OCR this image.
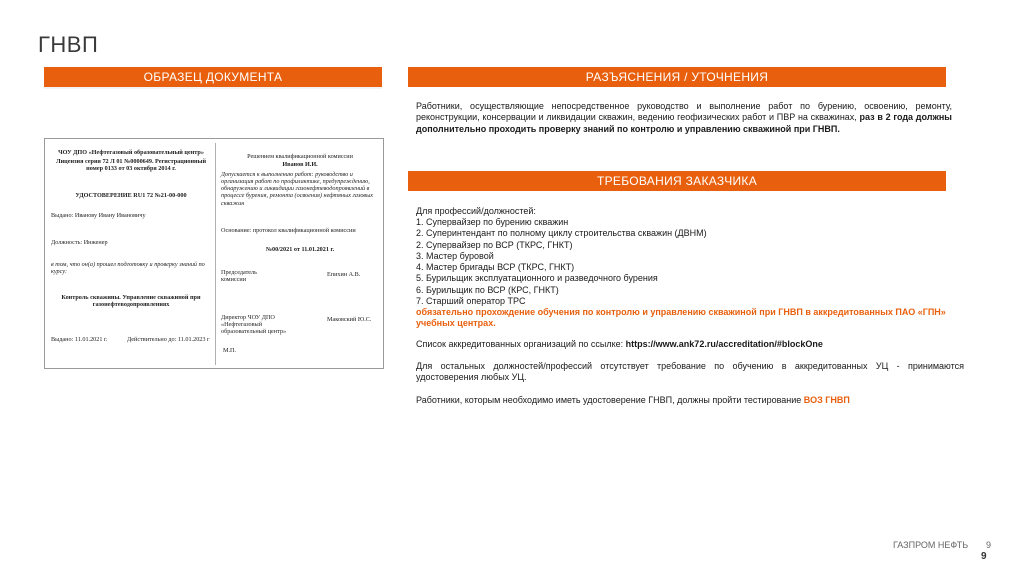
ГНВП
ОБРАЗЕЦ ДОКУМЕНТА	РАЗЪЯСНЕНИЯ / УТОЧНЕНИЯ
ТРЕБОВАНИЯ ЗАКАЗЧИКА
ЧОУ ДПО «Нефтегазовый образовательный центр»
Лицензия серия 72 Л 01 №0000649. Регистрационный номер 0133 от 03 октября 2014 г.
УДОСТОВЕРЕНИЕ RU1 72 №21-00-000
Выдано: Иванову Ивану Ивановичу
Должность: Инженер
в том, что он(а) прошел подготовку и проверку знаний по курсу:
Контроль скважины. Управление скважиной при газонефтеводопроявлениях
Выдано: 11.01.2021 г.	Действительно до: 11.01.2023 г
Решением квалификационной комиссии
Иванов И.И.
Допускается к выполнению работ: руководство и организация работ по профилактике, предупреждению, обнаружению и ликвидации газонефтеводопроявлений в процессе бурения, ремонта (освоения) нефтяных газовых скважин
Основание: протокол квалификационной комиссии
№00/2021 от 11.01.2021 г.
Председатель комиссии
Епихин А.В.
Директор ЧОУ ДПО «Нефтегазовый образовательный центр»
Маковский Ю.С.
М.П.
Работники, осуществляющие непосредственное руководство и выполнение работ по бурению, освоению, ремонту, реконструкции, консервации и ликвидации скважин, ведению геофизических работ и ПВР на скважинах, раз в 2 года должны дополнительно проходить проверку знаний по контролю и управлению скважиной при ГНВП.
Для профессий/должностей:
1. Супервайзер по бурению скважин
2. Суперинтендант по полному циклу строительства скважин (ДВНМ)
2. Супервайзер по ВСР (ТКРС, ГНКТ)
3. Мастер буровой
4. Мастер бригады ВСР (ТКРС, ГНКТ)
5. Бурильщик эксплуатационного и разведочного бурения
6. Бурильщик по ВСР (КРС, ГНКТ)
7. Старший оператор ТРС
обязательно прохождение обучения по контролю и управлению скважиной при ГНВП в аккредитованных ПАО «ГПН» учебных центрах.
Список аккредитованных организаций по ссылке: https://www.ank72.ru/accreditation/#blockOne
Для остальных должностей/профессий отсутствует требование по обучению в аккредитованных УЦ - принимаются удостоверения любых УЦ.
Работники, которым необходимо иметь удостоверение ГНВП, должны пройти тестирование ВОЗ ГНВП
ГАЗПРОМ НЕФТЬ 9
9
